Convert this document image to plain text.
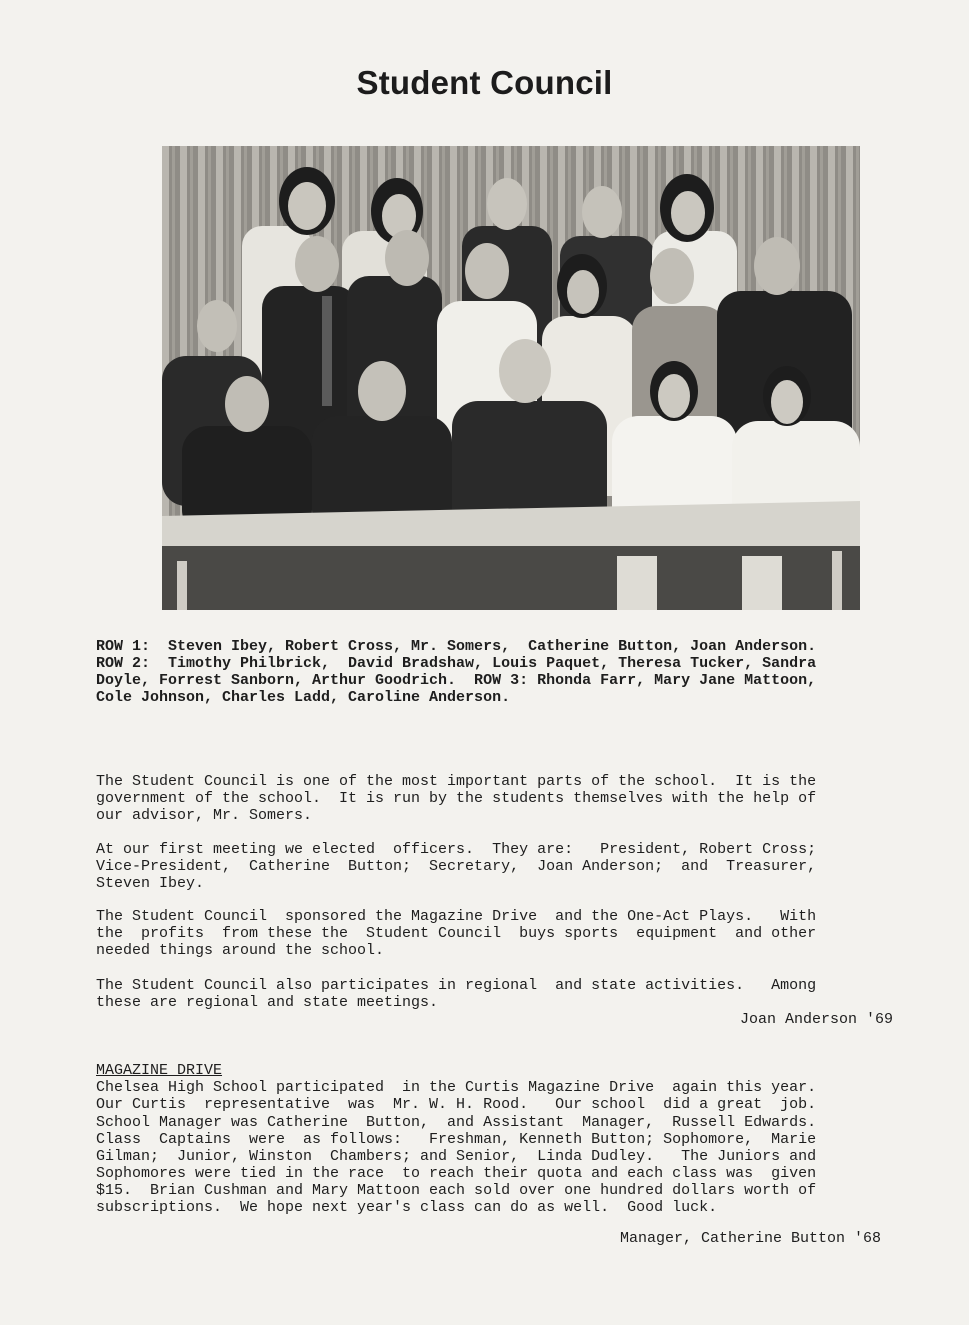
Student Council
ROW 1:  Steven Ibey, Robert Cross, Mr. Somers,  Catherine Button, Joan Anderson.
ROW 2:  Timothy Philbrick,  David Bradshaw, Louis Paquet, Theresa Tucker, Sandra
Doyle, Forrest Sanborn, Arthur Goodrich.  ROW 3: Rhonda Farr, Mary Jane Mattoon,
Cole Johnson, Charles Ladd, Caroline Anderson.
The Student Council is one of the most important parts of the school.  It is the
government of the school.  It is run by the students themselves with the help of
our advisor, Mr. Somers.
At our first meeting we elected  officers.  They are:   President, Robert Cross;
Vice-President,  Catherine  Button;  Secretary,  Joan Anderson;  and  Treasurer,
Steven Ibey.
The Student Council  sponsored the Magazine Drive  and the One-Act Plays.   With
the  profits  from these the  Student Council  buys sports  equipment  and other
needed things around the school.
The Student Council also participates in regional  and state activities.   Among
these are regional and state meetings.
Joan Anderson '69

MAGAZINE DRIVE
Chelsea High School participated  in the Curtis Magazine Drive  again this year.
Our Curtis  representative  was  Mr. W. H. Rood.   Our school  did a great  job.
School Manager was Catherine  Button,  and Assistant  Manager,  Russell Edwards.
Class  Captains  were  as follows:   Freshman, Kenneth Button; Sophomore,  Marie
Gilman;  Junior, Winston  Chambers; and Senior,  Linda Dudley.   The Juniors and
Sophomores were tied in the race  to reach their quota and each class was  given
$15.  Brian Cushman and Mary Mattoon each sold over one hundred dollars worth of
subscriptions.  We hope next year's class can do as well.  Good luck.
Manager, Catherine Button '68
